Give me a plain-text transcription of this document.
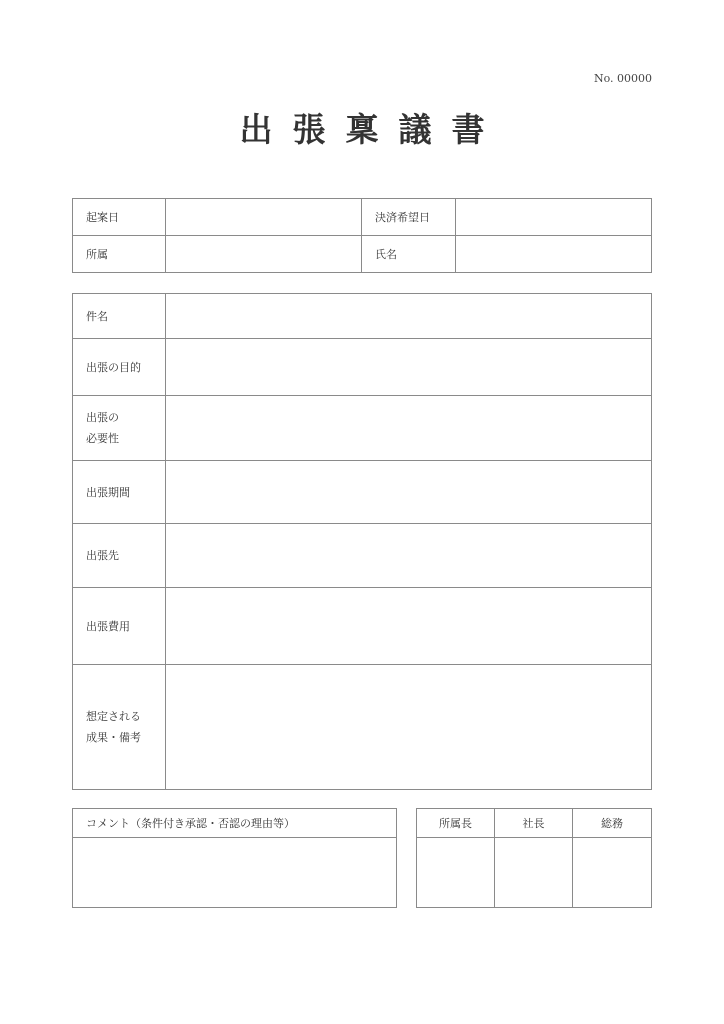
No. 00000
出張稟議書
起案日		決済希望日	
所属		氏名	
件名	
出張の目的	
出張の
必要性	
出張期間	
出張先	
出張費用	
想定される
成果・備考	
コメント（条件付き承認・否認の理由等）	所属長	社長	総務
